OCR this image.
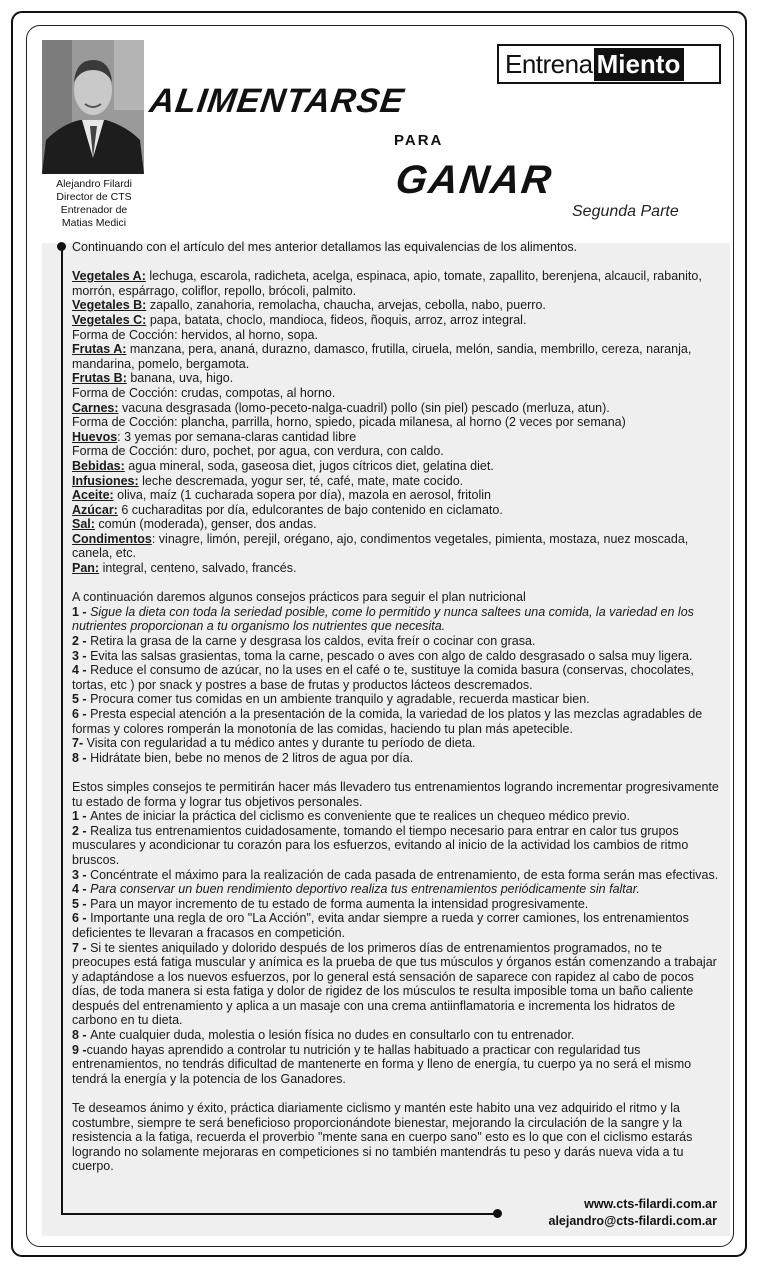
Alejandro Filardi
Director de CTS
Entrenador de
Matias Medici
Entrena Miento
ALIMENTARSE
PARA
GANAR
Segunda Parte

Continuando con el artículo del mes anterior detallamos las equivalencias de los alimentos.

Vegetales A: lechuga, escarola, radicheta, acelga, espinaca, apio, tomate, zapallito, berenjena, alcaucil, rabanito, morrón, espárrago, coliflor, repollo, brócoli, palmito.

Vegetales B: zapallo, zanahoria, remolacha, chaucha, arvejas, cebolla, nabo, puerro.

Vegetales C: papa, batata, choclo, mandioca, fideos, ñoquis, arroz, arroz integral.

Forma de Cocción: hervidos, al horno, sopa.

Frutas A: manzana, pera, ananá, durazno, damasco, frutilla, ciruela, melón, sandia, membrillo, cereza, naranja, mandarina, pomelo, bergamota.

Frutas B: banana, uva, higo.

Forma de Cocción: crudas, compotas, al horno.

Carnes: vacuna desgrasada (lomo-peceto-nalga-cuadril) pollo (sin piel) pescado (merluza, atun).

Forma de Cocción: plancha, parrilla, horno, spiedo, picada milanesa, al horno (2 veces por semana)

Huevos: 3 yemas por semana-claras cantidad libre

Forma de Cocción: duro, pochet, por agua, con verdura, con caldo.

Bebidas: agua mineral, soda, gaseosa diet, jugos cítricos diet, gelatina diet.

Infusiones: leche descremada, yogur ser, té, café, mate, mate cocido.

Aceite: oliva, maíz (1 cucharada sopera por día), mazola en aerosol, fritolin

Azúcar: 6 cucharaditas por día, edulcorantes de bajo contenido en ciclamato.

Sal: común (moderada), genser, dos andas.

Condimentos: vinagre, limón, perejil, orégano, ajo, condimentos vegetales, pimienta, mostaza, nuez moscada, canela, etc.

Pan: integral, centeno, salvado, francés.

A continuación daremos algunos consejos prácticos para seguir el plan nutricional

1 - Sigue la dieta con toda la seriedad posible, come lo permitido y nunca saltees una comida, la variedad en los nutrientes proporcionan a tu organismo los nutrientes que necesita.

2 - Retira la grasa de la carne y desgrasa los caldos, evita freír o cocinar con grasa.

3 - Evita las salsas grasientas, toma la carne, pescado o aves con algo de caldo desgrasado o salsa muy ligera.

4 - Reduce el consumo de azúcar, no la uses en el café o te, sustituye la comida basura (conservas, chocolates, tortas, etc ) por snack y postres a base de frutas y productos lácteos descremados.

5 - Procura comer tus comidas en un ambiente tranquilo y agradable, recuerda masticar bien.

6 - Presta especial atención a la presentación de la comida, la variedad de los platos y las mezclas agradables de formas y colores romperán la monotonía de las comidas, haciendo tu plan más apetecible.

7- Visita con regularidad a tu médico antes y durante tu período de dieta.

8 - Hidrátate bien, bebe no menos de 2 litros de agua por día.

Estos simples consejos te permitirán hacer más llevadero tus entrenamientos logrando incrementar progresivamente tu estado de forma y lograr tus objetivos personales.

1 - Antes de iniciar la práctica del ciclismo es conveniente que te realices un chequeo médico previo.

2 - Realiza tus entrenamientos cuidadosamente, tomando el tiempo necesario para entrar en calor tus grupos musculares y acondicionar tu corazón para los esfuerzos, evitando al inicio de la actividad los cambios de ritmo bruscos.

3 - Concéntrate el máximo para la realización de cada pasada de entrenamiento, de esta forma serán mas efectivas.

4 - Para conservar un buen rendimiento deportivo realiza tus entrenamientos periódicamente sin faltar.

5 - Para un mayor incremento de tu estado de forma aumenta la intensidad progresivamente.

6 - Importante una regla de oro "La Acción", evita andar siempre a rueda y correr camiones, los entrenamientos deficientes te llevaran a fracasos en competición.

7 - Si te sientes aniquilado y dolorido después de los primeros días de entrenamientos programados, no te preocupes está fatiga muscular y anímica es la prueba de que tus músculos y órganos están comenzando a trabajar y adaptándose a los nuevos esfuerzos, por lo general está sensación de saparece con rapidez al cabo de pocos días, de toda manera si esta fatiga y dolor de rigidez de los músculos te resulta imposible toma un baño caliente después del entrenamiento y aplica a un masaje con una crema antiinflamatoria e incrementa los hidratos de carbono en tu dieta.

8 - Ante cualquier duda, molestia o lesión física no dudes en consultarlo con tu entrenador.

9 -cuando hayas aprendido a controlar tu nutrición y te hallas habituado a practicar con regularidad tus entrenamientos, no tendrás dificultad de mantenerte en forma y lleno de energía, tu cuerpo ya no será el mismo tendrá la energía y la potencia de los Ganadores.

Te deseamos ánimo y éxito, práctica diariamente ciclismo y mantén este habito una vez adquirido el ritmo y la costumbre, siempre te será beneficioso proporcionándote bienestar, mejorando la circulación de la sangre y la resistencia a la fatiga, recuerda el proverbio "mente sana en cuerpo sano" esto es lo que con el ciclismo estarás logrando no solamente mejoraras en competiciones si no también mantendrás tu peso y darás nueva vida a tu cuerpo.

www.cts-filardi.com.ar
alejandro@cts-filardi.com.ar
